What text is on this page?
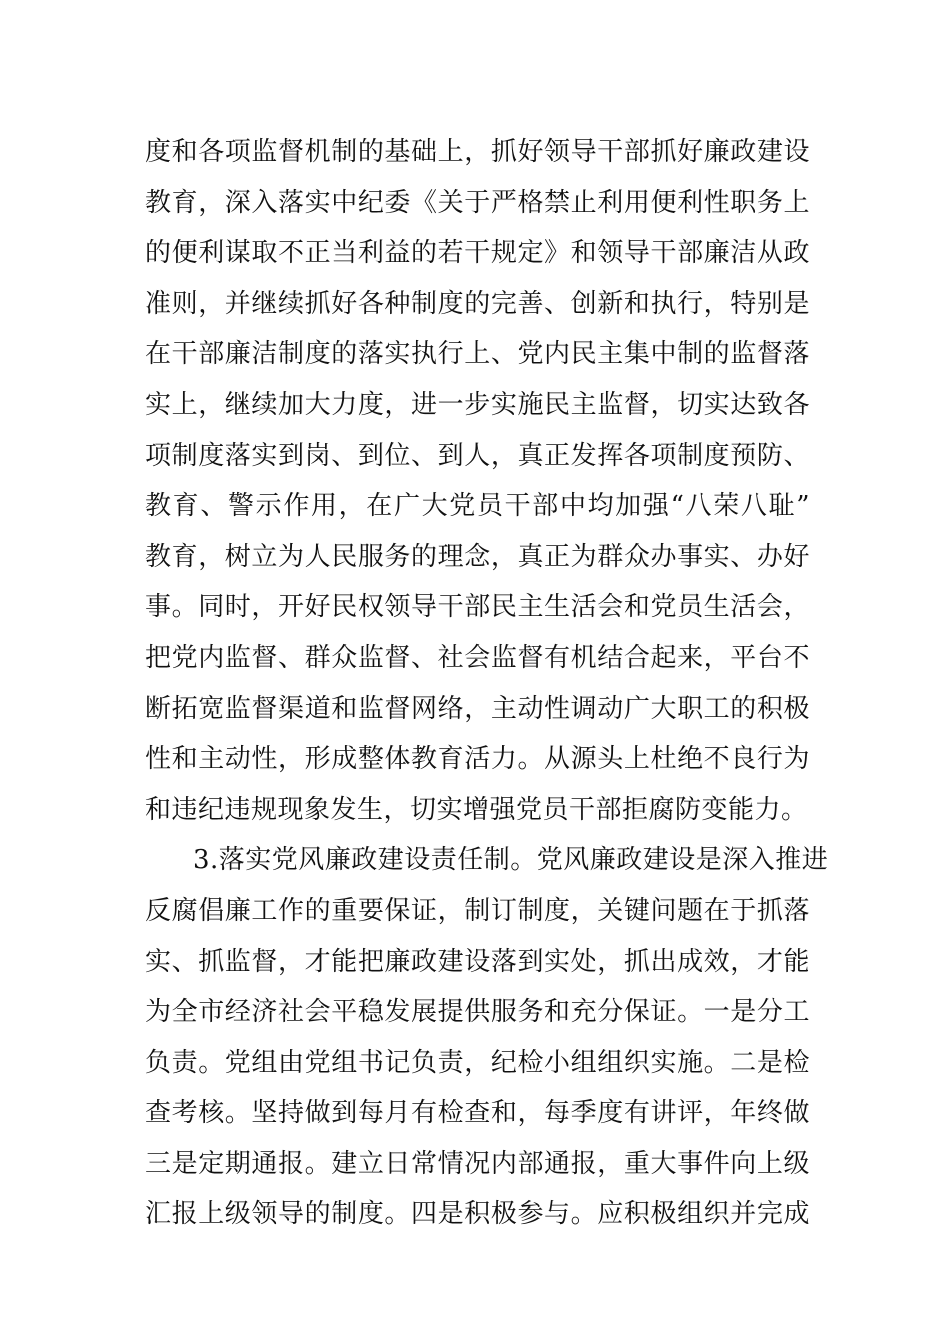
度和各项监督机制的基础上，抓好领导干部抓好廉政建设
教育，深入落实中纪委《关于严格禁止利用便利性职务上
的便利谋取不正当利益的若干规定》和领导干部廉洁从政
准则，并继续抓好各种制度的完善、创新和执行，特别是
在干部廉洁制度的落实执行上、党内民主集中制的监督落
实上，继续加大力度，进一步实施民主监督，切实达致各
项制度落实到岗、到位、到人，真正发挥各项制度预防、
教育、警示作用，在广大党员干部中均加强“八荣八耻”
教育，树立为人民服务的理念，真正为群众办事实、办好
事。同时，开好民权领导干部民主生活会和党员生活会，
把党内监督、群众监督、社会监督有机结合起来，平台不
断拓宽监督渠道和监督网络，主动性调动广大职工的积极
性和主动性，形成整体教育活力。从源头上杜绝不良行为
和违纪违规现象发生，切实增强党员干部拒腐防变能力。
3.落实党风廉政建设责任制。党风廉政建设是深入推进
反腐倡廉工作的重要保证，制订制度，关键问题在于抓落
实、抓监督，才能把廉政建设落到实处，抓出成效，才能
为全市经济社会平稳发展提供服务和充分保证。一是分工
负责。党组由党组书记负责，纪检小组组织实施。二是检
查考核。坚持做到每月有检查和，每季度有讲评，年终做
三是定期通报。建立日常情况内部通报，重大事件向上级
汇报上级领导的制度。四是积极参与。应积极组织并完成
